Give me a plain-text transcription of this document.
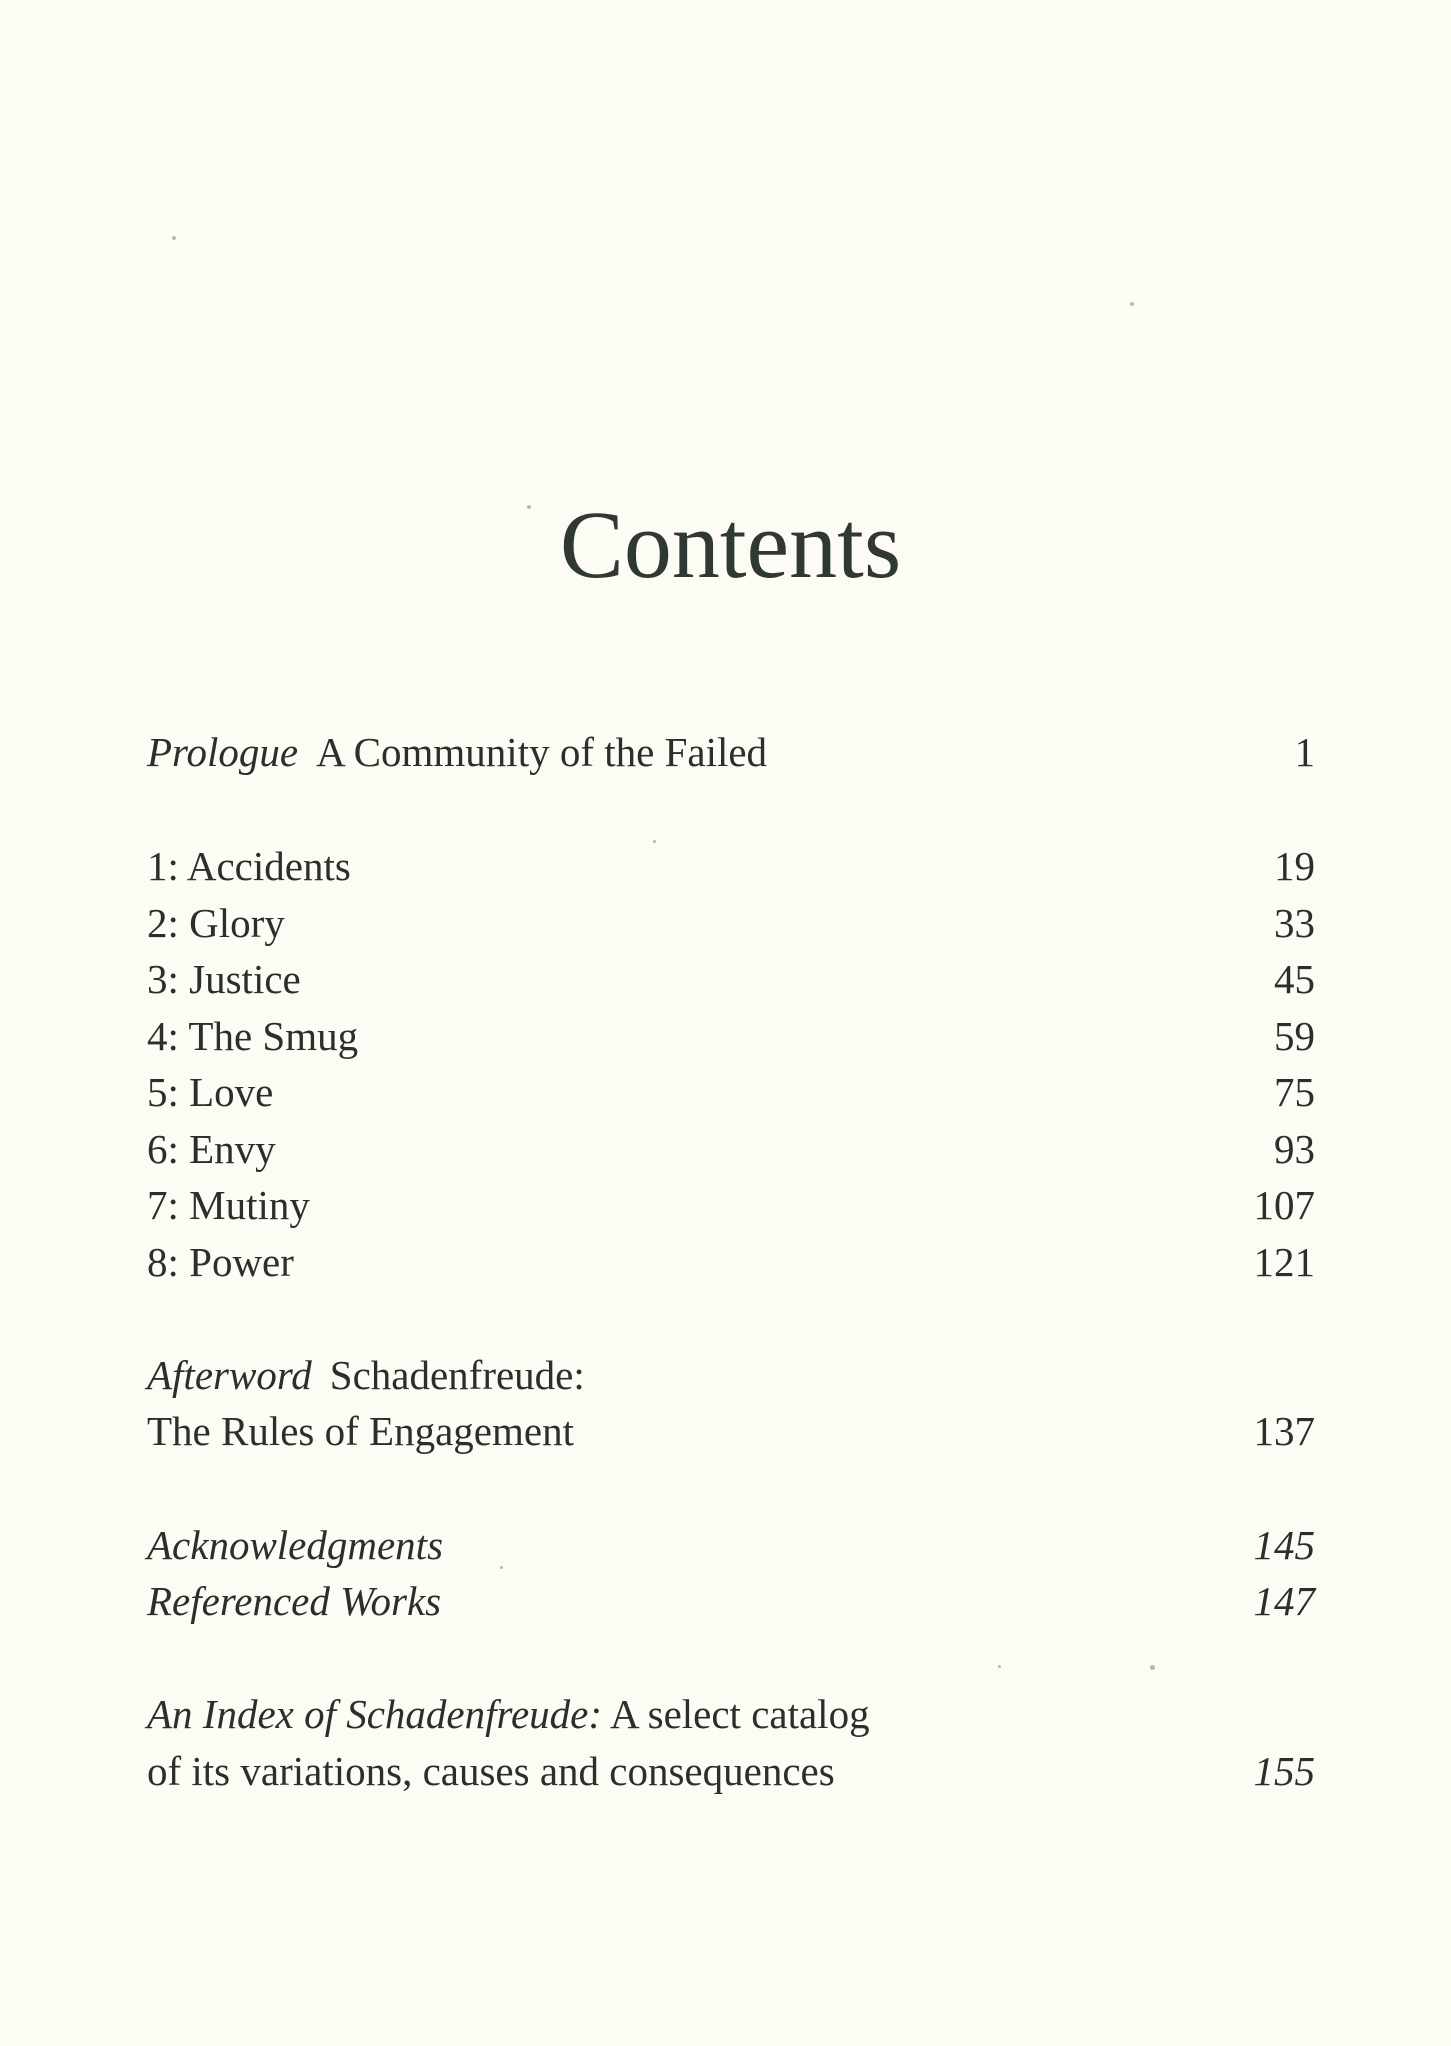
Contents
Prologue A Community of the Failed	1
1: Accidents	19
2: Glory	33
3: Justice	45
4: The Smug	59
5: Love	75
6: Envy	93
7: Mutiny	107
8: Power	121
Afterword Schadenfreude:
The Rules of Engagement	137
Acknowledgments	145
Referenced Works	147
An Index of Schadenfreude: A select catalog
of its variations, causes and consequences	155
